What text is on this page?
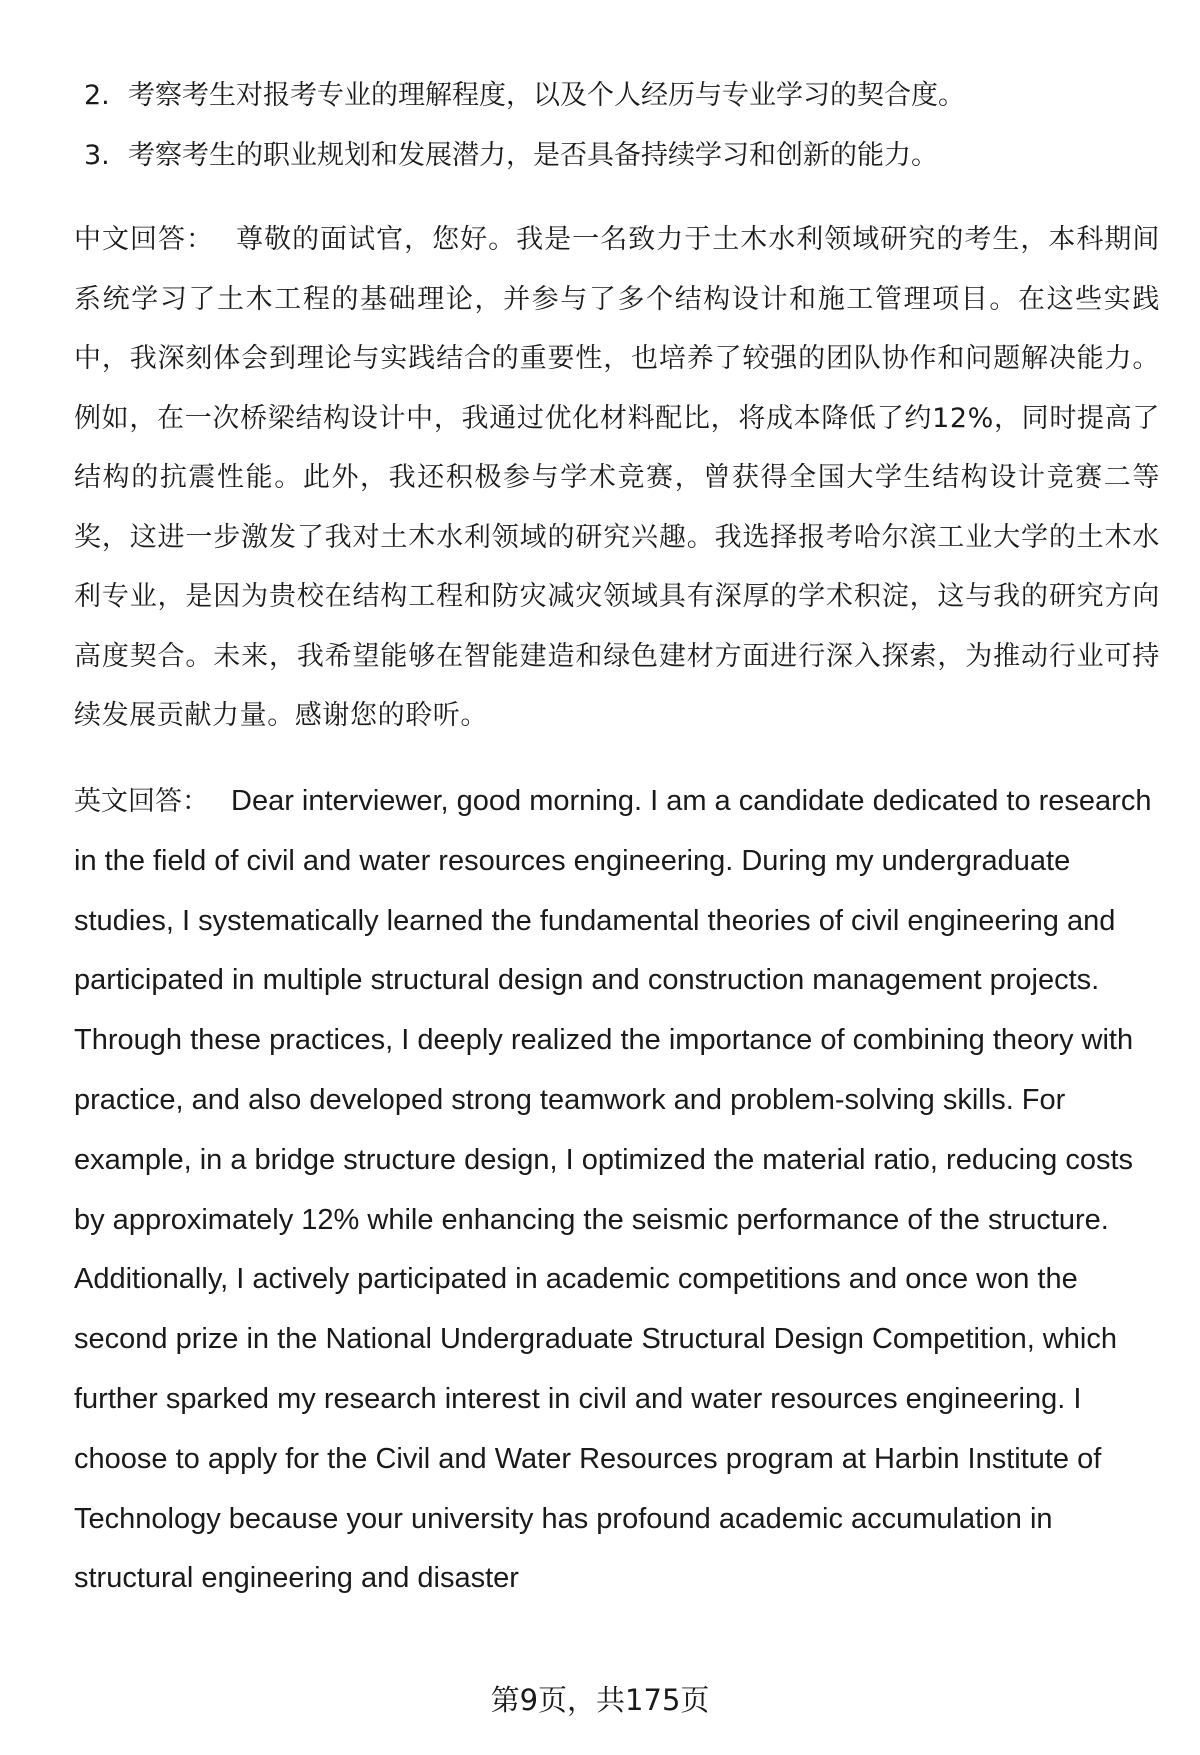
2. 考察考生对报考专业的理解程度，以及个人经历与专业学习的契合度。
3. 考察考生的职业规划和发展潜力，是否具备持续学习和创新的能力。

中文回答： 尊敬的面试官，您好。我是一名致力于土木水利领域研究的考生，本科期间系统学习了土木工程的基础理论，并参与了多个结构设计和施工管理项目。在这些实践中，我深刻体会到理论与实践结合的重要性，也培养了较强的团队协作和问题解决能力。例如，在一次桥梁结构设计中，我通过优化材料配比，将成本降低了约12%，同时提高了结构的抗震性能。此外，我还积极参与学术竞赛，曾获得全国大学生结构设计竞赛二等奖，这进一步激发了我对土木水利领域的研究兴趣。我选择报考哈尔滨工业大学的土木水利专业，是因为贵校在结构工程和防灾减灾领域具有深厚的学术积淀，这与我的研究方向高度契合。未来，我希望能够在智能建造和绿色建材方面进行深入探索，为推动行业可持续发展贡献力量。感谢您的聆听。

英文回答： Dear interviewer, good morning. I am a candidate dedicated to research in the field of civil and water resources engineering. During my undergraduate studies, I systematically learned the fundamental theories of civil engineering and participated in multiple structural design and construction management projects. Through these practices, I deeply realized the importance of combining theory with practice, and also developed strong teamwork and problem-solving skills. For example, in a bridge structure design, I optimized the material ratio, reducing costs by approximately 12% while enhancing the seismic performance of the structure. Additionally, I actively participated in academic competitions and once won the second prize in the National Undergraduate Structural Design Competition, which further sparked my research interest in civil and water resources engineering. I choose to apply for the Civil and Water Resources program at Harbin Institute of Technology because your university has profound academic accumulation in structural engineering and disaster

第9页，共175页
